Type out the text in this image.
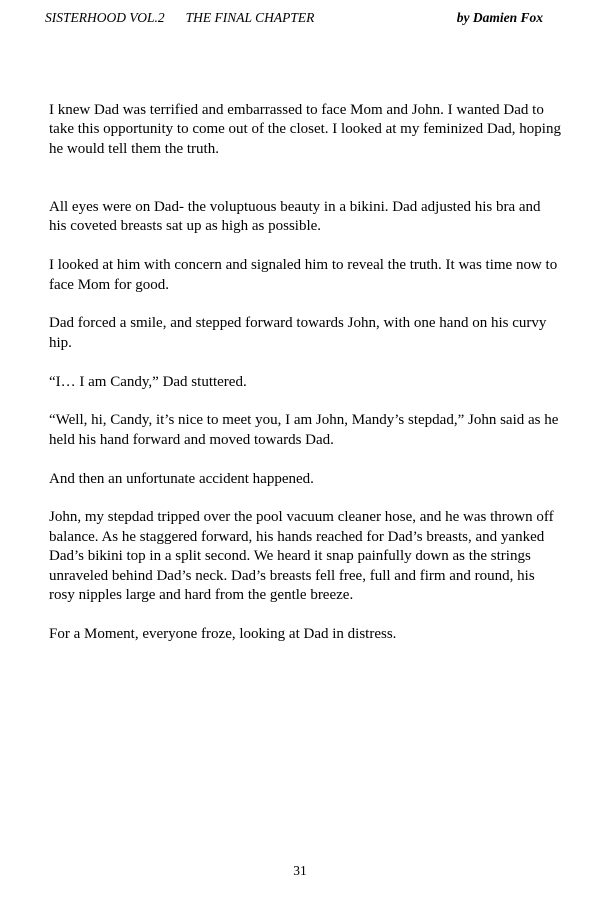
SISTERHOOD VOL.2 THE FINAL CHAPTER	by Damien Fox

I knew Dad was terrified and embarrassed to face Mom and John. I wanted Dad to take this opportunity to come out of the closet. I looked at my feminized Dad, hoping he would tell them the truth.

All eyes were on Dad- the voluptuous beauty in a bikini. Dad adjusted his bra and his coveted breasts sat up as high as possible.

I looked at him with concern and signaled him to reveal the truth. It was time now to face Mom for good.

Dad forced a smile, and stepped forward towards John, with one hand on his curvy hip.

“I… I am Candy,” Dad stuttered.

“Well, hi, Candy, it’s nice to meet you, I am John, Mandy’s stepdad,” John said as he held his hand forward and moved towards Dad.

And then an unfortunate accident happened.

John, my stepdad tripped over the pool vacuum cleaner hose, and he was thrown off balance. As he staggered forward, his hands reached for Dad’s breasts, and yanked Dad’s bikini top in a split second. We heard it snap painfully down as the strings unraveled behind Dad’s neck. Dad’s breasts fell free, full and firm and round, his rosy nipples large and hard from the gentle breeze.

For a Moment, everyone froze, looking at Dad in distress.

31
